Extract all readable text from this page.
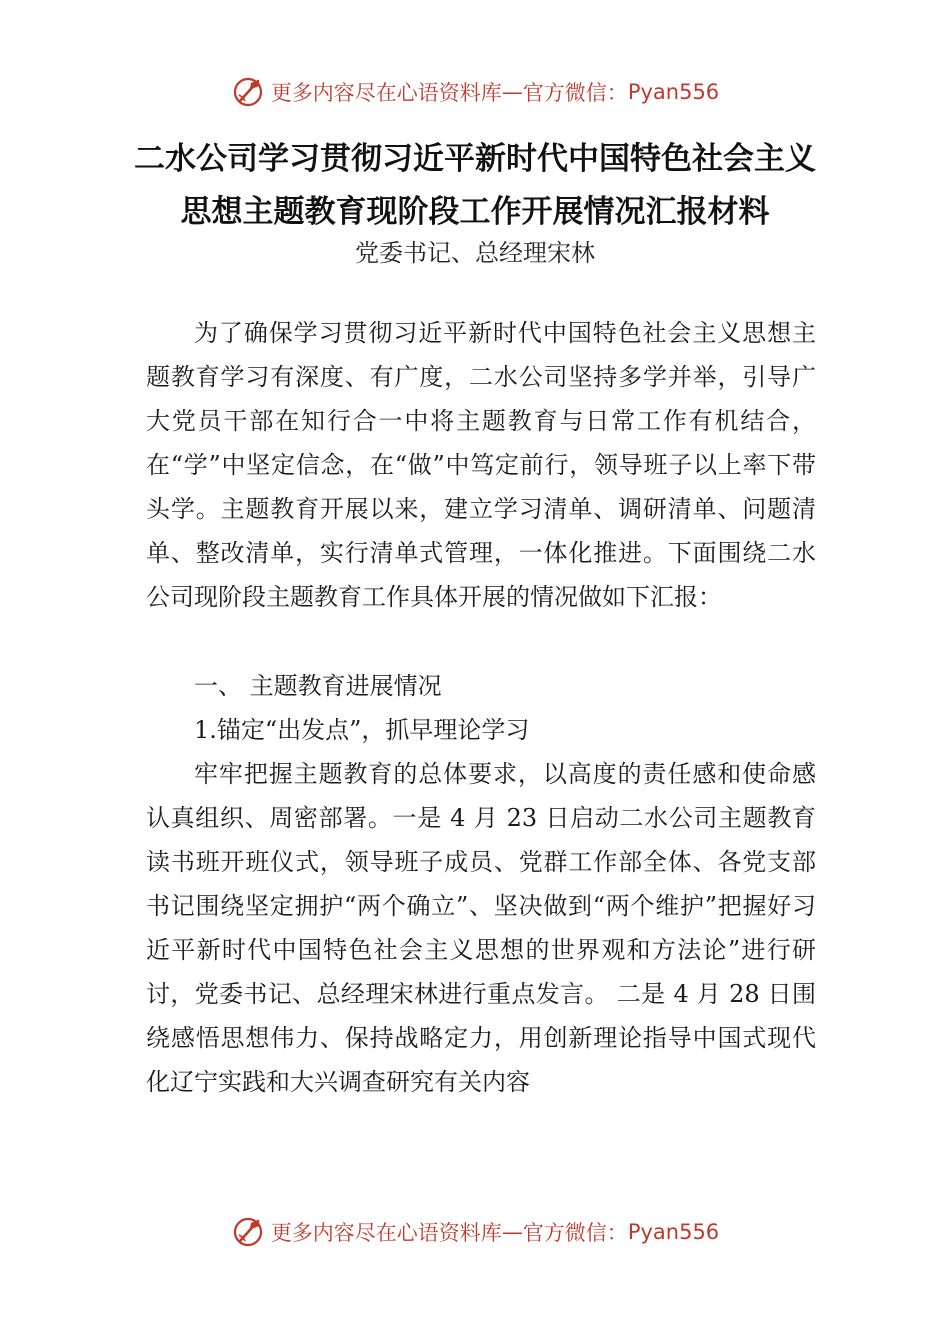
更多内容尽在心语资料库 — 官方微信： Pyan556
二水公司学习贯彻习近平新时代中国特色社会主义
思想主题教育现阶段工作开展情况汇报材料
党委书记、总经理宋林

为了确保学习贯彻习近平新时代中国特色社会主义思想主题教育学习有深度、有广度，二水公司坚持多学并举，引导广大党员干部在知行合一中将主题教育与日常工作有机结合，在“学”中坚定信念，在“做”中笃定前行，领导班子以上率下带头学。主题教育开展以来，建立学习清单、调研清单、问题清单、整改清单，实行清单式管理，一体化推进。下面围绕二水公司现阶段主题教育工作具体开展的情况做如下汇报：

一、 主题教育进展情况

1.锚定“出发点”，抓早理论学习

牢牢把握主题教育的总体要求，以高度的责任感和使命感认真组织、周密部署。一是 4 月 23 日启动二水公司主题教育读书班开班仪式，领导班子成员、党群工作部全体、各党支部书记围绕坚定拥护“两个确立”、坚决做到“两个维护”把握好习近平新时代中国特色社会主义思想的世界观和方法论”进行研讨，党委书记、总经理宋林进行重点发言。 二是 4 月 28 日围绕感悟思想伟力、保持战略定力，用创新理论指导中国式现代化辽宁实践和大兴调查研究有关内容

更多内容尽在心语资料库 — 官方微信： Pyan556
